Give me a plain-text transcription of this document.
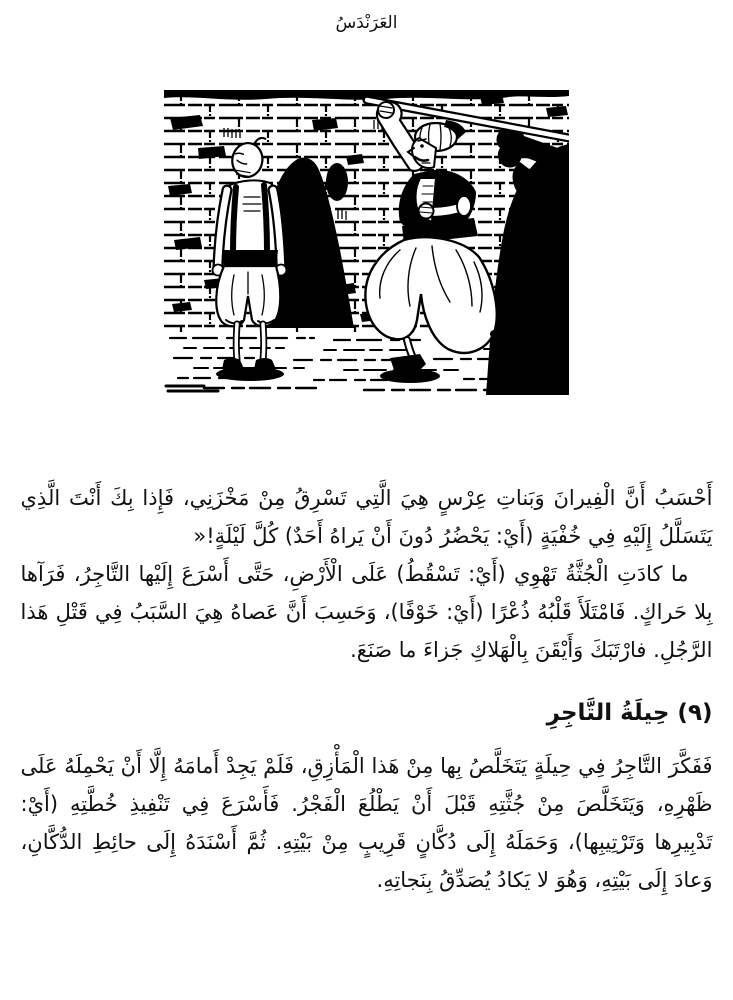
العَرَنْدَسُ

أَحْسَبُ أَنَّ الْفِيرانَ وَبَناتِ عِرْسٍ هِيَ الَّتِي تَسْرِقُ مِنْ مَخْزَنِي، فَإِذا بِكَ أَنْتَ الَّذِي يَتَسَلَّلُ إِلَيْهِ فِي خُفْيَةٍ (أَيْ: يَحْضُرُ دُونَ أَنْ يَراهُ أَحَدٌ) كُلَّ لَيْلَةٍ!«

ما كادَتِ الْجُثَّةُ تَهْوِي (أَيْ: تَسْقُطُ) عَلَى الْأَرْضِ، حَتَّى أَسْرَعَ إِلَيْها التَّاجِرُ، فَرَآها بِلا حَراكٍ. فَامْتَلَأَ قَلْبُهُ ذُعْرًا (أَيْ: خَوْفًا)، وَحَسِبَ أَنَّ عَصاهُ هِيَ السَّبَبُ فِي قَتْلِ هَذا الرَّجُلِ. فارْتَبَكَ وَأَيْقَنَ بِالْهَلاكِ جَزاءَ ما صَنَعَ.

(٩) حِيلَةُ التَّاجِرِ

فَفَكَّرَ التَّاجِرُ فِي حِيلَةٍ يَتَخَلَّصُ بِها مِنْ هَذا الْمَأْزِقِ، فَلَمْ يَجِدْ أَمامَهُ إِلَّا أَنْ يَحْمِلَهُ عَلَى ظَهْرِهِ، وَيَتَخَلَّصَ مِنْ جُثَّتِهِ قَبْلَ أَنْ يَطْلُعَ الْفَجْرُ. فَأَسْرَعَ فِي تَنْفِيذِ خُطَّتِهِ (أَيْ: تَدْبِيرِها وَتَرْتِيبِها)، وَحَمَلَهُ إِلَى دُكَّانٍ قَرِيبٍ مِنْ بَيْتِهِ. ثُمَّ أَسْنَدَهُ إِلَى حائِطِ الدُّكَّانِ، وَعادَ إِلَى بَيْتِهِ، وَهُوَ لا يَكادُ يُصَدِّقُ بِنَجاتِهِ.
